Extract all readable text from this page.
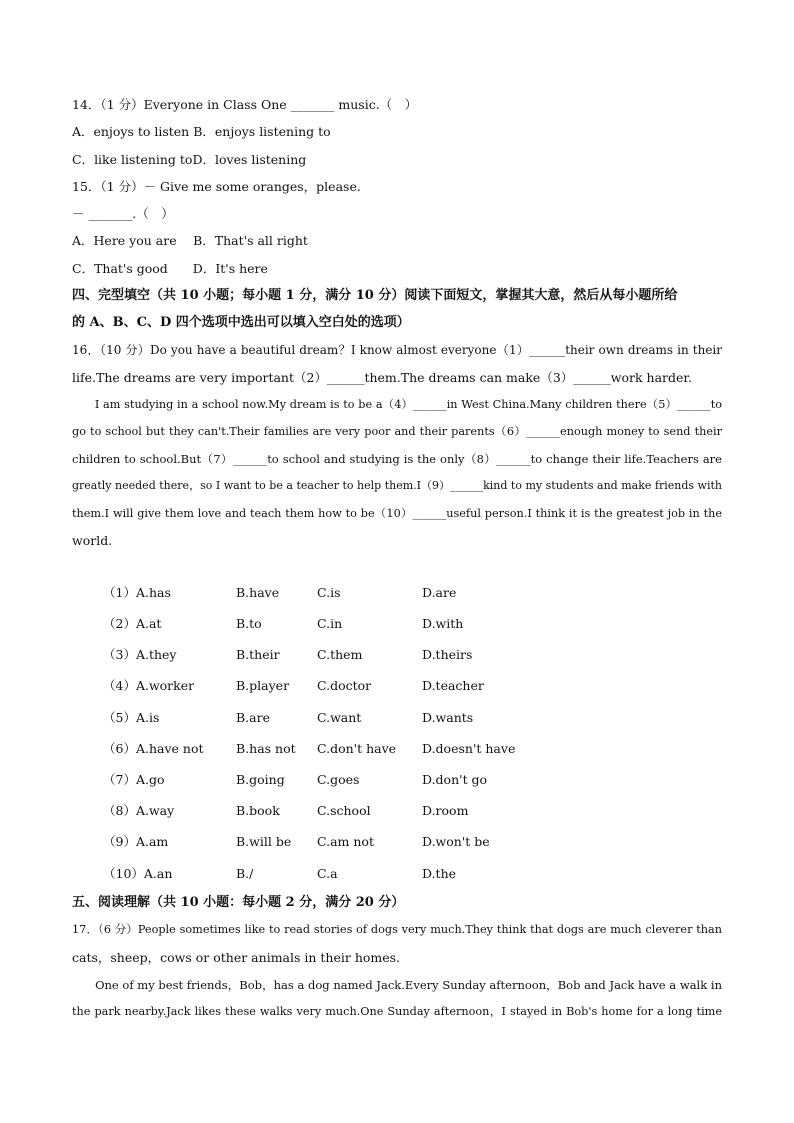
14．（1 分）Everyone in Class One _______ music.（　）
A．enjoys to listen B．enjoys listening to
C．like listening toD．loves listening
15．（1 分）－ Give me some oranges，please.
－ _______.（　）
A．Here you are　 B．That's all right
C．That's good　　D．It's here
四、完型填空（共 10 小题；每小题 1 分，满分 10 分）阅读下面短文，掌握其大意，然后从每小题所给
的 A、B、C、D 四个选项中选出可以填入空白处的选项）
16．（10 分）Do you have a beautiful dream？I know almost everyone（1）______their own dreams in their
life.The dreams are very important（2）______them.The dreams can make（3）______work harder.
　　I am studying in a school now.My dream is to be a（4）______in West China.Many children there（5）______to
go to school but they can't.Their families are very poor and their parents（6）______enough money to send their
children to school.But（7）______to school and studying is the only（8）______to change their life.Teachers are
greatly needed there，so I want to be a teacher to help them.I（9）______kind to my students and make friends with
them.I will give them love and teach them how to be（10）______useful person.I think it is the greatest job in the
world.
（1）A.has	B.have	C.is	D.are
（2）A.at	B.to	C.in	D.with
（3）A.they	B.their	C.them	D.theirs
（4）A.worker	B.player C.doctor	D.teacher
（5）A.is	B.are	C.want	D.wants
（6）A.have not	B.has not C.don't have D.doesn't have
（7）A.go	B.going	C.goes	D.don't go
（8）A.way	B.book	C.school	D.room
（9）A.am	B.will be C.am not	D.won't be
（10）A.an	B./	C.a	D.the
五、阅读理解（共 10 小题：每小题 2 分，满分 20 分）
17．（6 分）People sometimes like to read stories of dogs very much.They think that dogs are much cleverer than
cats，sheep，cows or other animals in their homes.
　　One of my best friends，Bob，has a dog named Jack.Every Sunday afternoon，Bob and Jack have a walk in
the park nearby.Jack likes these walks very much.One Sunday afternoon，I stayed in Bob's home for a long time
